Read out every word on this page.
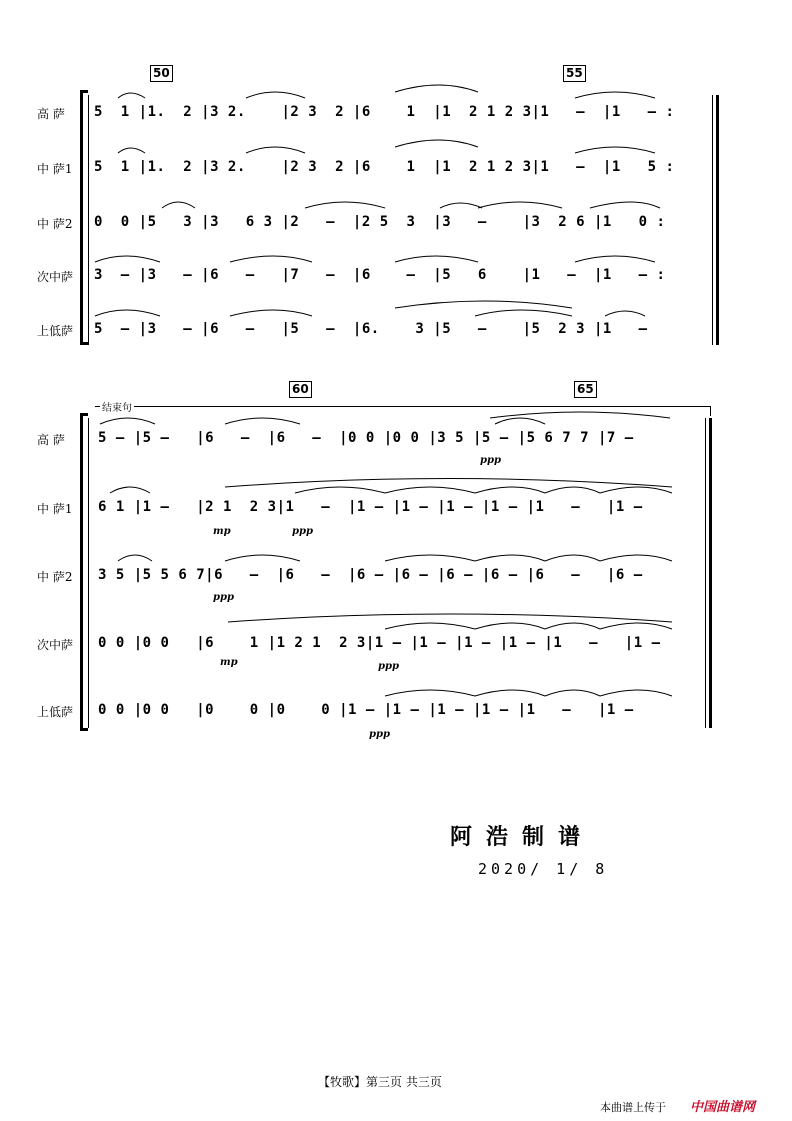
50	55
60	65
高 萨
中 萨1
中 萨2
次中萨
上低萨
5  1 |1.  2 |3 2.    |2 3  2 |6    1  |1  2 1 2 3|1   –  |1   – :
5  1 |1.  2 |3 2.    |2 3  2 |6    1  |1  2 1 2 3|1   –  |1   5 :
0  0 |5   3 |3   6 3 |2   –  |2 5  3  |3   –    |3  2 6 |1   0 :
3  – |3   – |6   –   |7   –  |6    –  |5   6    |1   –  |1   – :
5  – |3   – |6   –   |5   –  |6.    3 |5   –    |5  2 3 |1   –
结束句
高 萨
中 萨1
中 萨2
次中萨
上低萨
5 – |5 –   |6   –  |6   –  |0 0 |0 0 |3 5 |5 – |5 6 7 7 |7 –
6 1 |1 –   |2 1  2 3|1   –  |1 – |1 – |1 – |1 – |1   –   |1 –
3 5 |5 5 6 7|6   –  |6   –  |6 – |6 – |6 – |6 – |6   –   |6 –
0 0 |0 0   |6    1 |1 2 1  2 3|1 – |1 – |1 – |1 – |1   –   |1 –
0 0 |0 0   |0    0 |0    0 |1 – |1 – |1 – |1 – |1   –   |1 –
ppp
mp	ppp
ppp
mp	ppp
ppp
阿浩制谱
2020/ 1/ 8
【牧歌】第三页 共三页
本曲谱上传于 中国曲谱网
